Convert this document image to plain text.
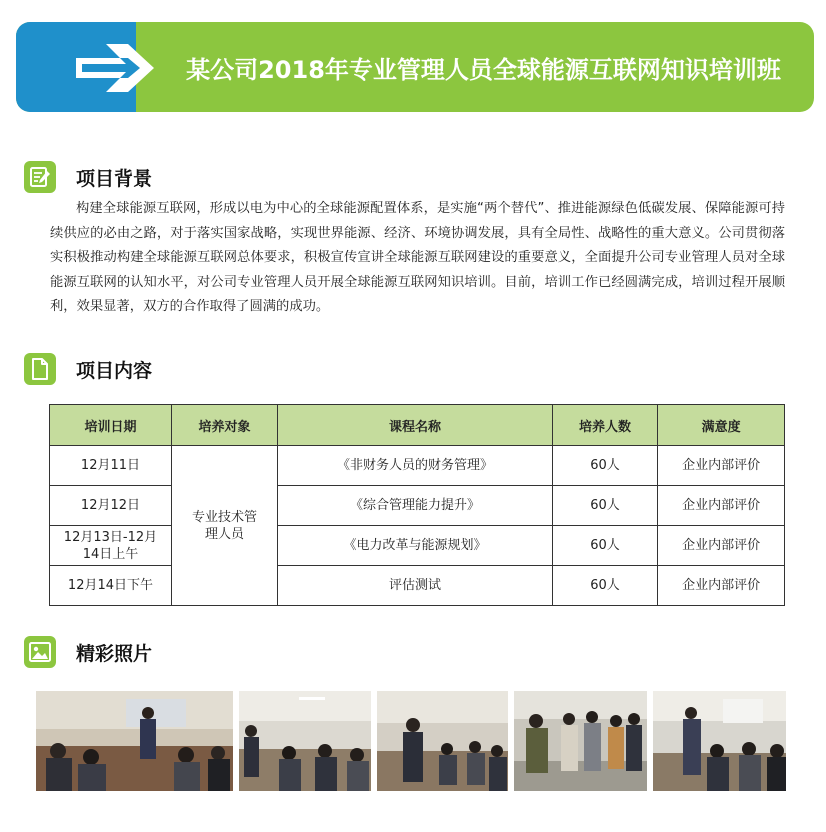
某公司2018年专业管理人员全球能源互联网知识培训班
项目背景

构建全球能源互联网，形成以电为中心的全球能源配置体系，是实施“两个替代”、推进能源绿色低碳发展、保障能源可持续供应的必由之路，对于落实国家战略，实现世界能源、经济、环境协调发展，具有全局性、战略性的重大意义。公司贯彻落实积极推动构建全球能源互联网总体要求，积极宣传宣讲全球能源互联网建设的重要意义，全面提升公司专业管理人员对全球能源互联网的认知水平，对公司专业管理人员开展全球能源互联网知识培训。目前，培训工作已经圆满完成，培训过程开展顺利，效果显著，双方的合作取得了圆满的成功。

项目内容
培训日期	培养对象	课程名称	培养人数	满意度
12月11日	专业技术管理人员	《非财务人员的财务管理》	60人	企业内部评价
12月12日		《综合管理能力提升》	60人	企业内部评价
12月13日-12月14日上午		《电力改革与能源规划》	60人	企业内部评价
12月14日下午		评估测试	60人	企业内部评价
精彩照片
